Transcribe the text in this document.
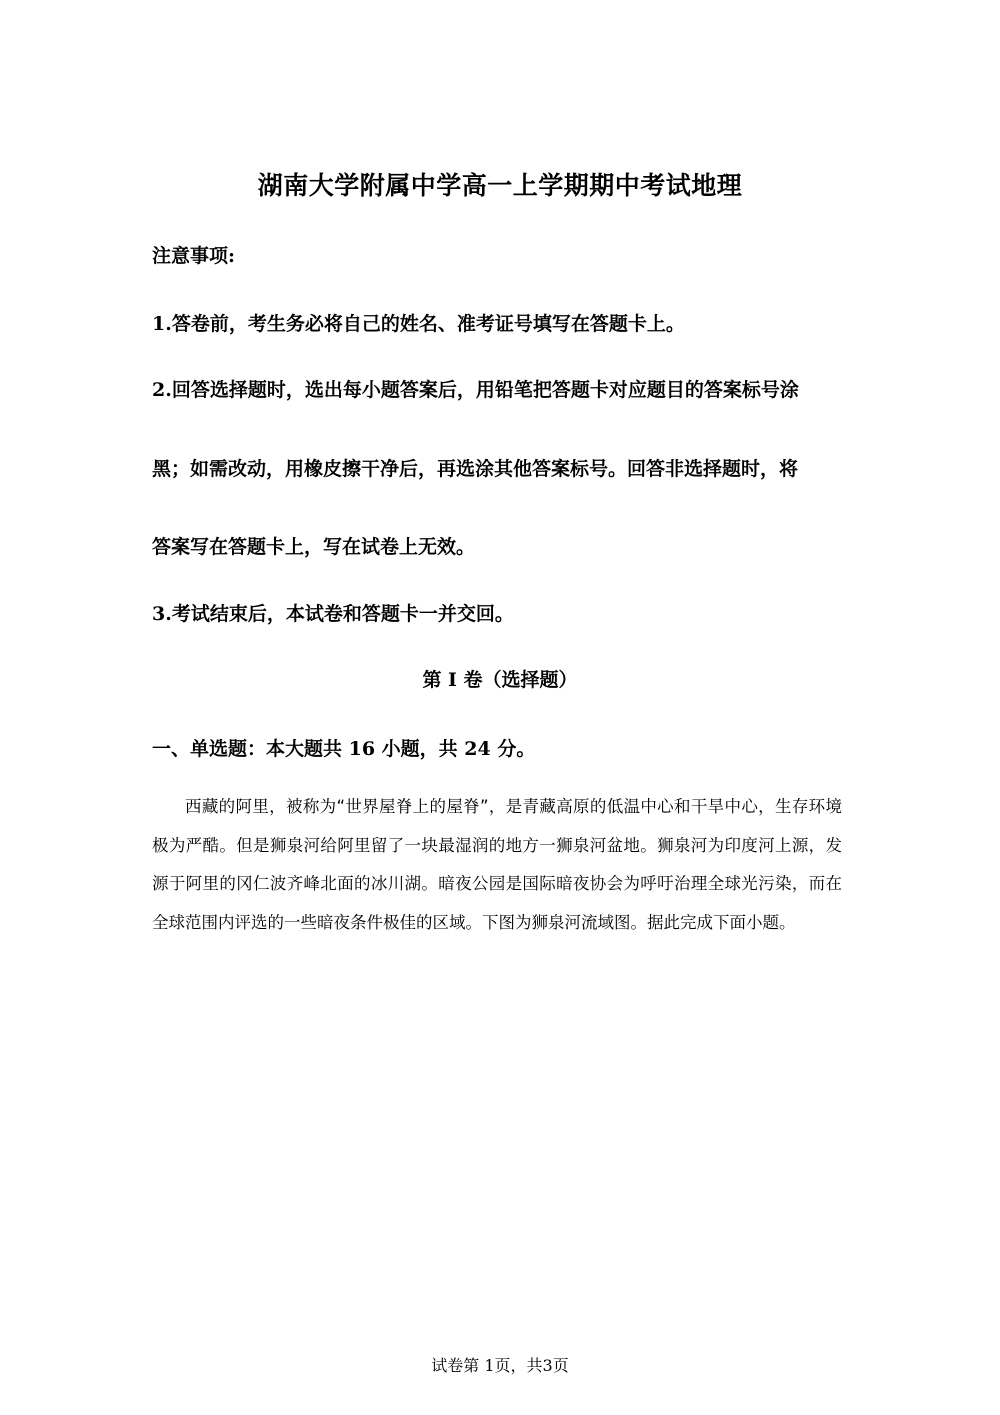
湖南大学附属中学高一上学期期中考试地理
注意事项:
1.答卷前，考生务必将自己的姓名、准考证号填写在答题卡上。
2.回答选择题时，选出每小题答案后，用铅笔把答题卡对应题目的答案标号涂
黑；如需改动，用橡皮擦干净后，再选涂其他答案标号。回答非选择题时，将
答案写在答题卡上，写在试卷上无效。
3.考试结束后，本试卷和答题卡一并交回。
第 I 卷（选择题）
一、单选题：本大题共 16 小题，共 24 分。
西藏的阿里，被称为“世界屋脊上的屋脊”，是青藏高原的低温中心和干旱中心，生存环境极为严酷。但是狮泉河给阿里留了一块最湿润的地方一狮泉河盆地。狮泉河为印度河上源，发源于阿里的冈仁波齐峰北面的冰川湖。暗夜公园是国际暗夜协会为呼吁治理全球光污染，而在全球范围内评选的一些暗夜条件极佳的区域。下图为狮泉河流域图。据此完成下面小题。
试卷第 1页，共3页
